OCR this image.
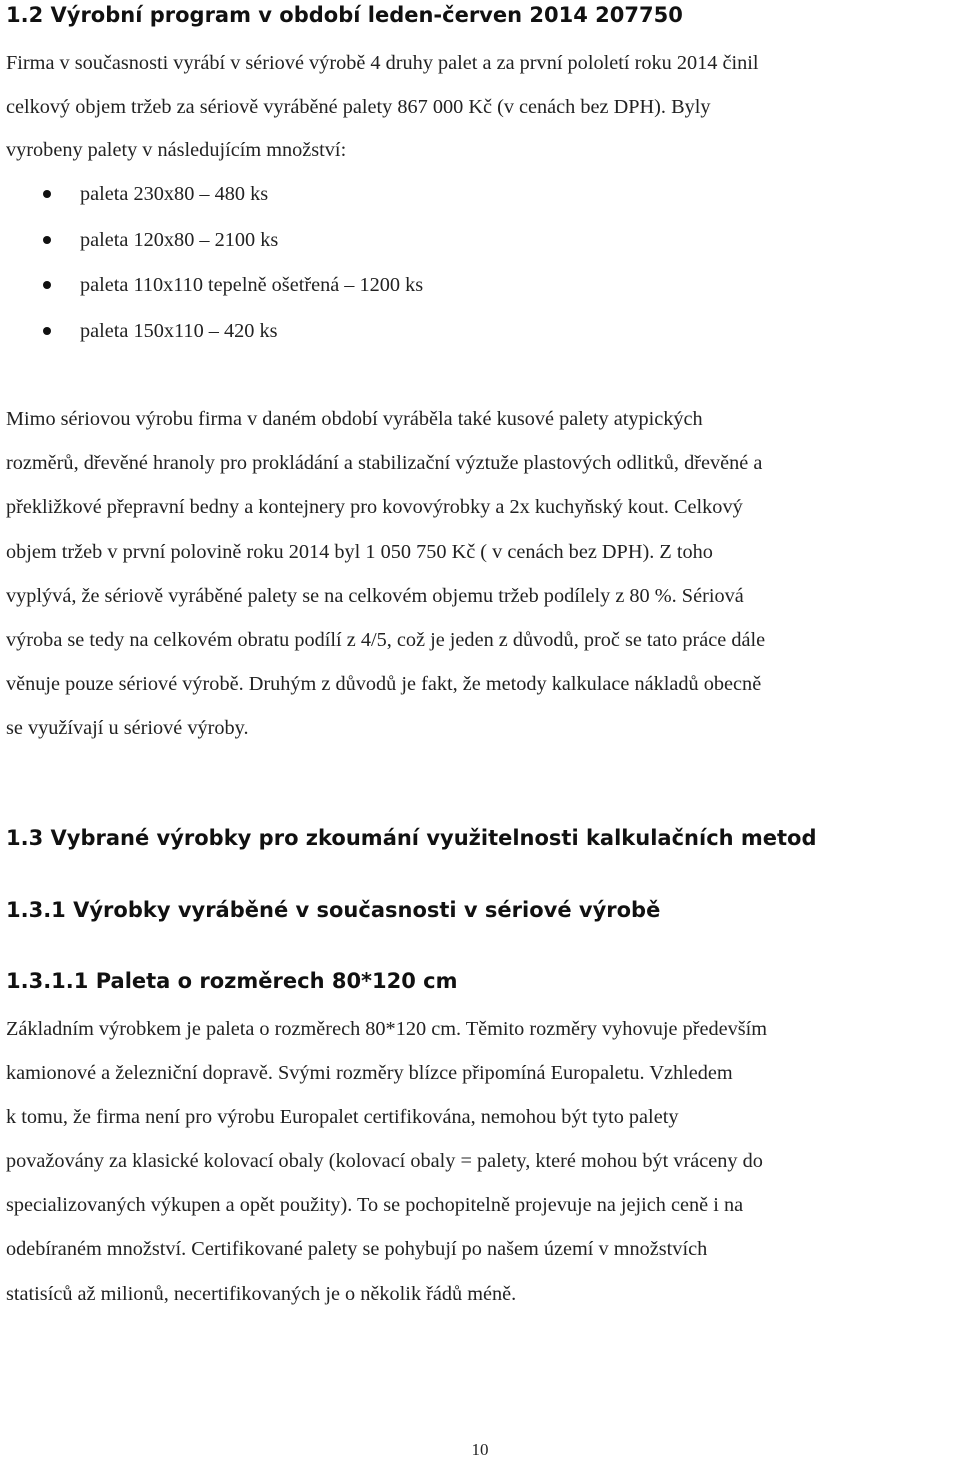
1.2 Výrobní program v období leden-červen 2014 207750

Firma v současnosti vyrábí v sériové výrobě 4 druhy palet a za první pololetí roku 2014 činil
celkový objem tržeb za sériově vyráběné palety 867 000 Kč (v cenách bez DPH). Byly
vyrobeny palety v následujícím množství:

paleta 230x80 – 480 ks
paleta 120x80 – 2100 ks
paleta 110x110 tepelně ošetřená – 1200 ks
paleta 150x110 – 420 ks

Mimo sériovou výrobu firma v daném období vyráběla také kusové palety atypických
rozměrů, dřevěné hranoly pro prokládání a stabilizační výztuže plastových odlitků, dřevěné a
překližkové přepravní bedny a kontejnery pro kovovýrobky a 2x kuchyňský kout. Celkový
objem tržeb v první polovině roku 2014 byl 1 050 750 Kč ( v cenách bez DPH). Z toho
vyplývá, že sériově vyráběné palety se na celkovém objemu tržeb podílely z 80 %. Sériová
výroba se tedy na celkovém obratu podílí z 4/5, což je jeden z důvodů, proč se tato práce dále
věnuje pouze sériové výrobě. Druhým z důvodů je fakt, že metody kalkulace nákladů obecně
se využívají u sériové výroby.

1.3 Vybrané výrobky pro zkoumání využitelnosti kalkulačních metod
1.3.1 Výrobky vyráběné v současnosti v sériové výrobě
1.3.1.1 Paleta o rozměrech 80*120 cm

Základním výrobkem je paleta o rozměrech 80*120 cm. Těmito rozměry vyhovuje především
kamionové a železniční dopravě. Svými rozměry blízce připomíná Europaletu. Vzhledem
k tomu, že firma není pro výrobu Europalet certifikována, nemohou být tyto palety
považovány za klasické kolovací obaly (kolovací obaly = palety, které mohou být vráceny do
specializovaných výkupen a opět použity). To se pochopitelně projevuje na jejich ceně i na
odebíraném množství. Certifikované palety se pohybují po našem území v množstvích
statisíců až milionů, necertifikovaných je o několik řádů méně.

10
